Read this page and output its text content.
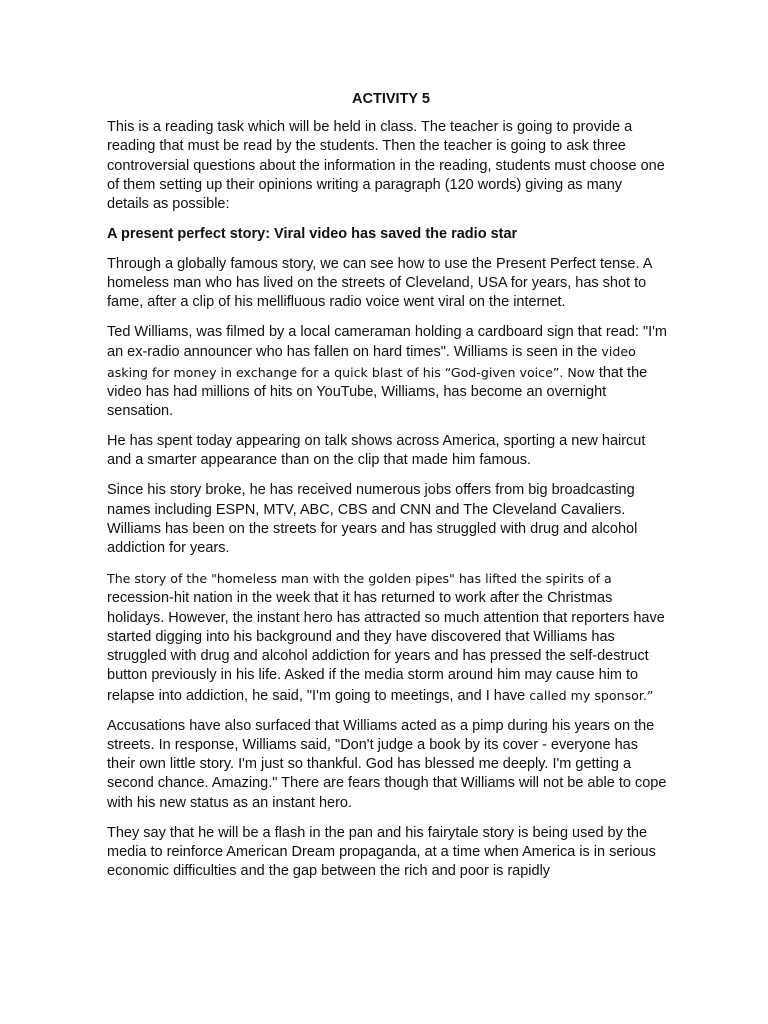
ACTIVITY 5

This is a reading task which will be held in class. The teacher is going to provide a reading that must be read by the students. Then the teacher is going to ask three controversial questions about the information in the reading, students must choose one of them setting up their opinions writing a paragraph (120 words) giving as many details as possible:

A present perfect story: Viral video has saved the radio star

Through a globally famous story, we can see how to use the Present Perfect tense. A homeless man who has lived on the streets of Cleveland, USA for years, has shot to fame, after a clip of his mellifluous radio voice went viral on the internet.

Ted Williams, was filmed by a local cameraman holding a cardboard sign that read: "I'm an ex-radio announcer who has fallen on hard times". Williams is seen in the video asking for money in exchange for a quick blast of his “God-given voice”. Now that the video has had millions of hits on YouTube, Williams, has become an overnight sensation.

He has spent today appearing on talk shows across America, sporting a new haircut and a smarter appearance than on the clip that made him famous.

Since his story broke, he has received numerous jobs offers from big broadcasting names including ESPN, MTV, ABC, CBS and CNN and The Cleveland Cavaliers. Williams has been on the streets for years and has struggled with drug and alcohol addiction for years.

The story of the "homeless man with the golden pipes" has lifted the spirits of a recession-hit nation in the week that it has returned to work after the Christmas holidays. However, the instant hero has attracted so much attention that reporters have started digging into his background and they have discovered that Williams has struggled with drug and alcohol addiction for years and has pressed the self-destruct button previously in his life. Asked if the media storm around him may cause him to relapse into addiction, he said, "I'm going to meetings, and I have called my sponsor.”

Accusations have also surfaced that Williams acted as a pimp during his years on the streets. In response, Williams said, "Don't judge a book by its cover - everyone has their own little story. I'm just so thankful. God has blessed me deeply. I'm getting a second chance. Amazing." There are fears though that Williams will not be able to cope with his new status as an instant hero.

They say that he will be a flash in the pan and his fairytale story is being used by the media to reinforce American Dream propaganda, at a time when America is in serious economic difficulties and the gap between the rich and poor is rapidly
